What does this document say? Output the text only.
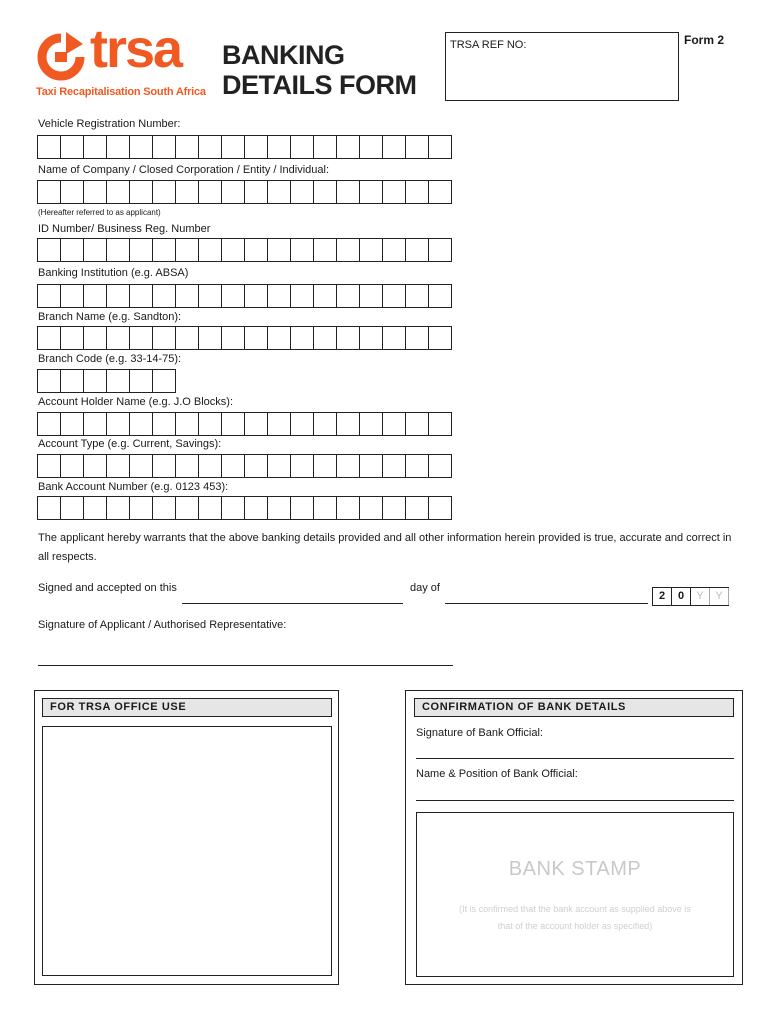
trsa
Taxi Recapitalisation South Africa
BANKING
DETAILS FORM
TRSA REF NO:	Form 2
Vehicle Registration Number:
Name of Company / Closed Corporation / Entity / Individual:
(Hereafter referred to as applicant)
ID Number/ Business Reg. Number
Banking Institution (e.g. ABSA)
Branch Name (e.g. Sandton):
Branch Code (e.g. 33-14-75):
Account Holder Name (e.g. J.O Blocks):
Account Type (e.g. Current, Savings):
Bank Account Number (e.g. 0123 453):
The applicant hereby warrants that the above banking details provided and all other information herein provided is true, accurate and correct in all respects.
Signed and accepted on this	day of
2	0	Y	Y
Signature of Applicant / Authorised Representative:
FOR TRSA OFFICE USE	CONFIRMATION OF BANK DETAILS
Signature of Bank Official:
Name & Position of Bank Official:
BANK STAMP
(It is confirmed that the bank account as supplied above is
that of the account holder as specified)
